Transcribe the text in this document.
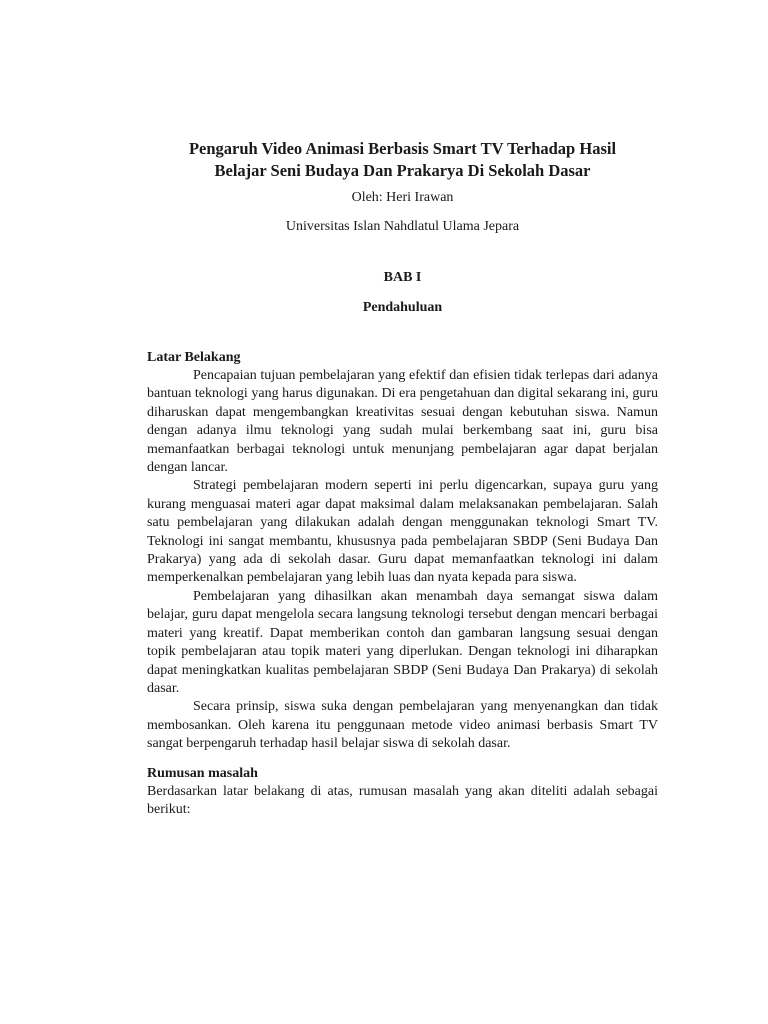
Pengaruh Video Animasi Berbasis Smart TV Terhadap Hasil

Belajar Seni Budaya Dan Prakarya Di Sekolah Dasar

Oleh: Heri Irawan

Universitas Islan Nahdlatul Ulama Jepara

BAB I

Pendahuluan

Latar Belakang

Pencapaian tujuan pembelajaran yang efektif dan efisien tidak terlepas dari adanya bantuan teknologi yang harus digunakan. Di era pengetahuan dan digital sekarang ini, guru diharuskan dapat mengembangkan kreativitas sesuai dengan kebutuhan siswa. Namun dengan adanya ilmu teknologi yang sudah mulai berkembang saat ini, guru bisa memanfaatkan berbagai teknologi untuk menunjang pembelajaran agar dapat berjalan dengan lancar.

Strategi pembelajaran modern seperti ini perlu digencarkan, supaya guru yang kurang menguasai materi agar dapat maksimal dalam melaksanakan pembelajaran. Salah satu pembelajaran yang dilakukan adalah dengan menggunakan teknologi Smart TV. Teknologi ini sangat membantu, khususnya pada pembelajaran SBDP (Seni Budaya Dan Prakarya) yang ada di sekolah dasar. Guru dapat memanfaatkan teknologi ini dalam memperkenalkan pembelajaran yang lebih luas dan nyata kepada para siswa.

Pembelajaran yang dihasilkan akan menambah daya semangat siswa dalam belajar, guru dapat mengelola secara langsung teknologi tersebut dengan mencari berbagai materi yang kreatif. Dapat memberikan contoh dan gambaran langsung sesuai dengan topik pembelajaran atau topik materi yang diperlukan. Dengan teknologi ini diharapkan dapat meningkatkan kualitas pembelajaran SBDP (Seni Budaya Dan Prakarya) di sekolah dasar.

Secara prinsip, siswa suka dengan pembelajaran yang menyenangkan dan tidak membosankan. Oleh karena itu penggunaan metode video animasi berbasis Smart TV sangat berpengaruh terhadap hasil belajar siswa di sekolah dasar.

Rumusan masalah

Berdasarkan latar belakang di atas, rumusan masalah yang akan diteliti adalah sebagai berikut:
